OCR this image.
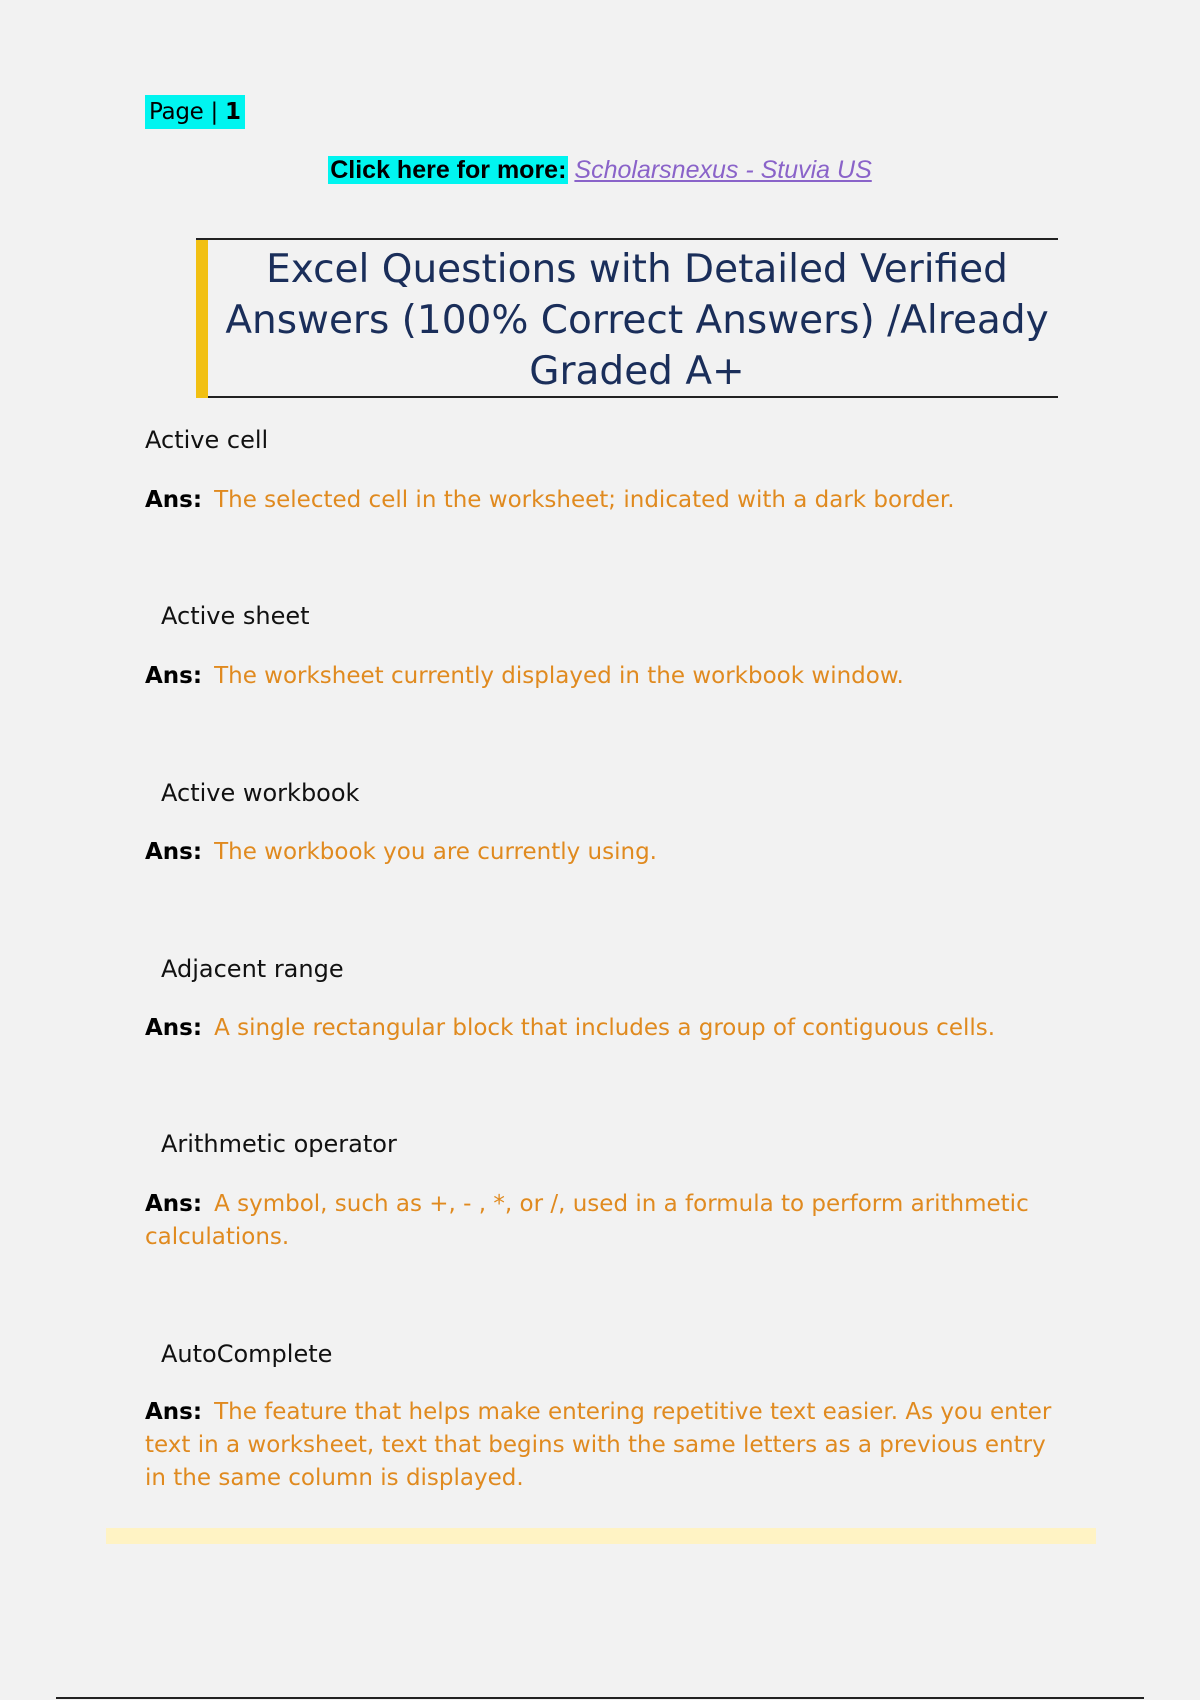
Page | 1
Click here for more: Scholarsnexus - Stuvia US
Excel Questions with Detailed Verified Answers (100% Correct Answers) /Already Graded A+
Active cell
Ans: The selected cell in the worksheet; indicated with a dark border.
Active sheet
Ans: The worksheet currently displayed in the workbook window.
Active workbook
Ans: The workbook you are currently using.
Adjacent range
Ans: A single rectangular block that includes a group of contiguous cells.
Arithmetic operator
Ans: A symbol, such as +, - , *, or /, used in a formula to perform arithmetic calculations.
AutoComplete
Ans: The feature that helps make entering repetitive text easier. As you enter text in a worksheet, text that begins with the same letters as a previous entry in the same column is displayed.
